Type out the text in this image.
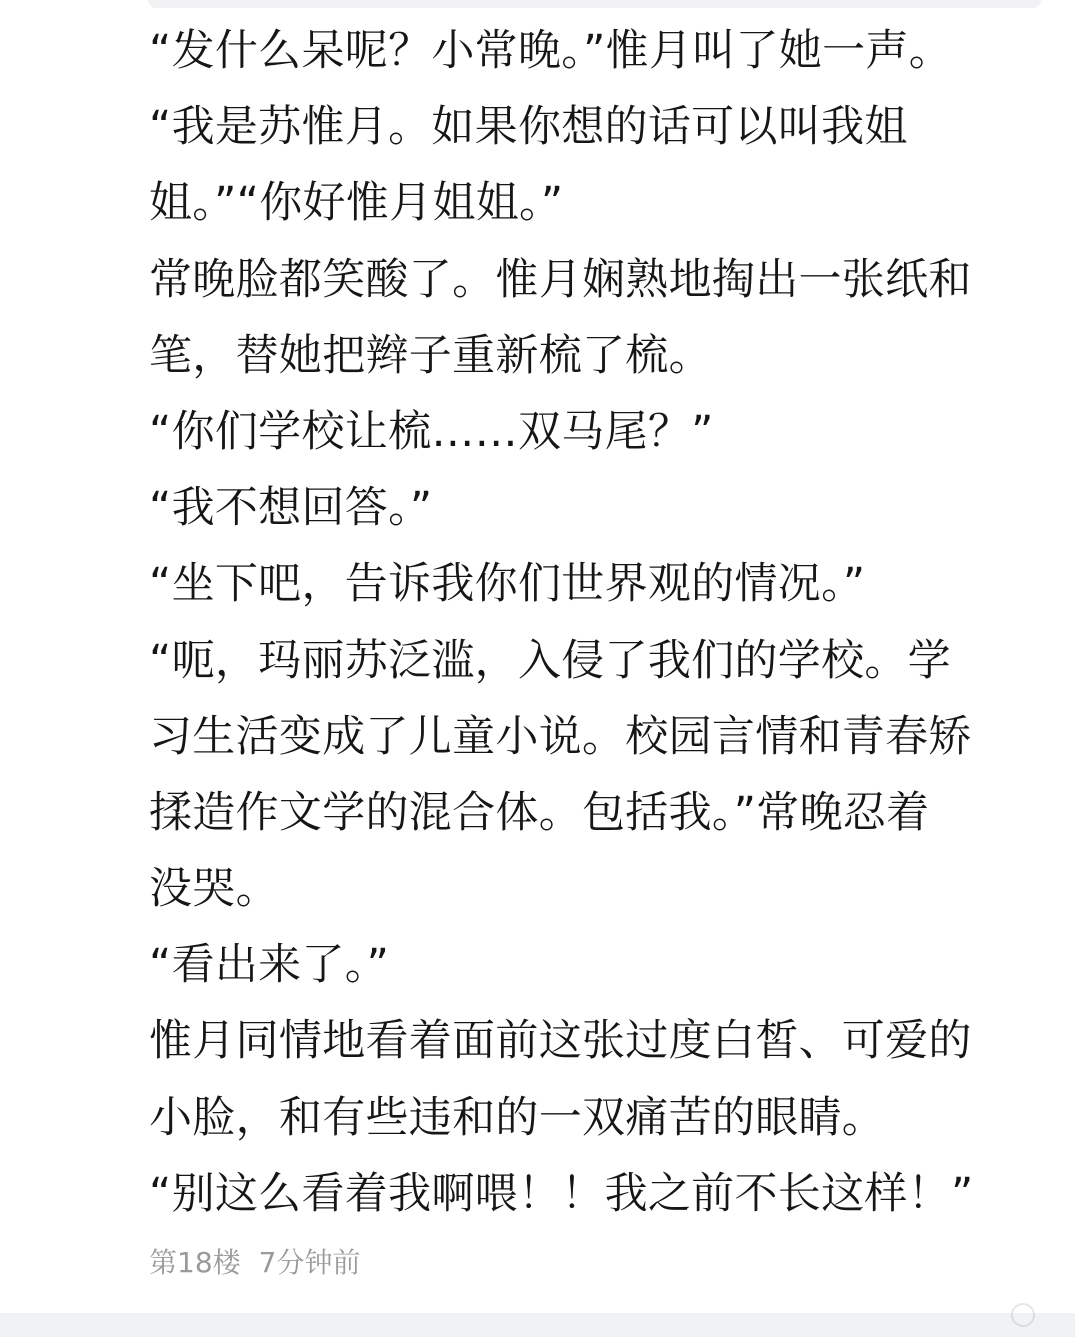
“发什么呆呢？小常晚。”惟月叫了她一声。
“我是苏惟月。如果你想的话可以叫我姐
姐。”“你好惟月姐姐。”
常晚脸都笑酸了。惟月娴熟地掏出一张纸和
笔，替她把辫子重新梳了梳。
“你们学校让梳……双马尾？”
“我不想回答。”
“坐下吧，告诉我你们世界观的情况。”
“呃，玛丽苏泛滥，入侵了我们的学校。学
习生活变成了儿童小说。校园言情和青春矫
揉造作文学的混合体。包括我。”常晚忍着
没哭。
“看出来了。”
惟月同情地看着面前这张过度白皙、可爱的
小脸，和有些违和的一双痛苦的眼睛。
“别这么看着我啊喂！！我之前不长这样！”
第18楼 7分钟前
